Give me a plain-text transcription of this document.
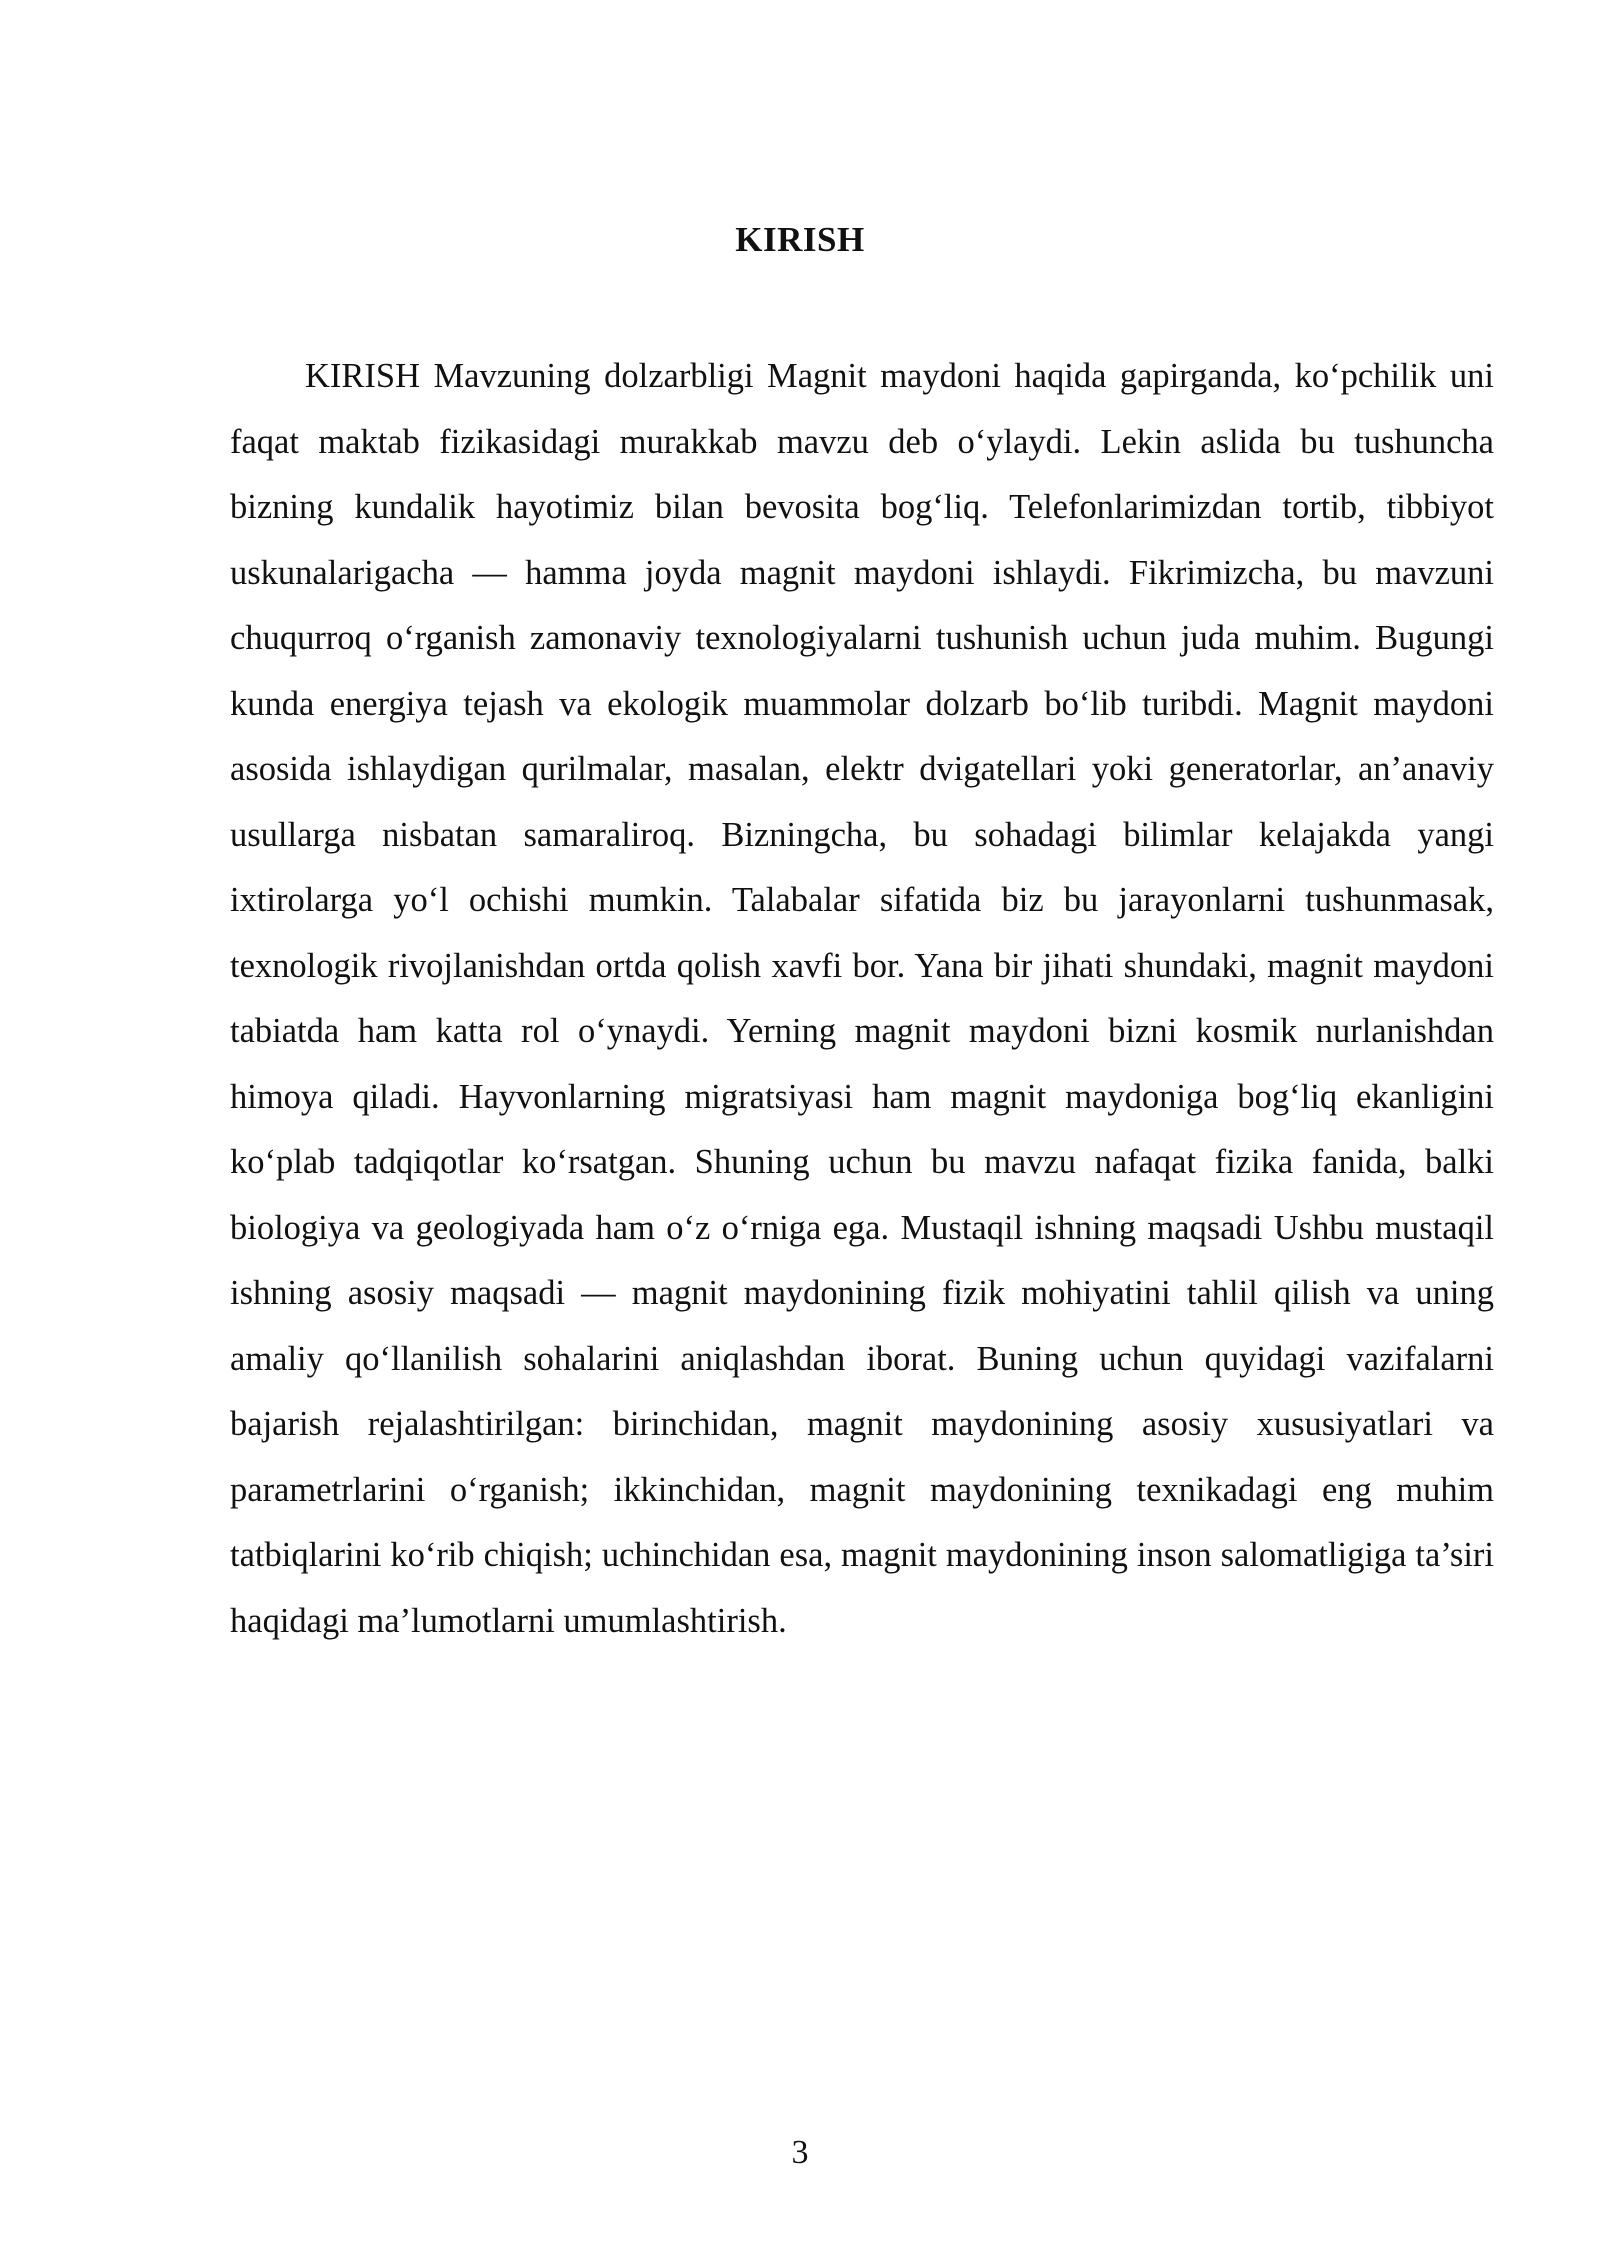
KIRISH

KIRISH Mavzuning dolzarbligi Magnit maydoni haqida gapirganda, koʻpchilik uni faqat maktab fizikasidagi murakkab mavzu deb oʻylaydi. Lekin aslida bu tushuncha bizning kundalik hayotimiz bilan bevosita bogʻliq. Telefonlarimizdan tortib, tibbiyot uskunalarigacha — hamma joyda magnit maydoni ishlaydi. Fikrimizcha, bu mavzuni chuqurroq oʻrganish zamonaviy texnologiyalarni tushunish uchun juda muhim. Bugungi kunda energiya tejash va ekologik muammolar dolzarb boʻlib turibdi. Magnit maydoni asosida ishlaydigan qurilmalar, masalan, elektr dvigatellari yoki generatorlar, an’anaviy usullarga nisbatan samaraliroq. Bizningcha, bu sohadagi bilimlar kelajakda yangi ixtirolarga yoʻl ochishi mumkin. Talabalar sifatida biz bu jarayonlarni tushunmasak, texnologik rivojlanishdan ortda qolish xavfi bor. Yana bir jihati shundaki, magnit maydoni tabiatda ham katta rol oʻynaydi. Yerning magnit maydoni bizni kosmik nurlanishdan himoya qiladi. Hayvonlarning migratsiyasi ham magnit maydoniga bogʻliq ekanligini koʻplab tadqiqotlar koʻrsatgan. Shuning uchun bu mavzu nafaqat fizika fanida, balki biologiya va geologiyada ham oʻz oʻrniga ega. Mustaqil ishning maqsadi Ushbu mustaqil ishning asosiy maqsadi — magnit maydonining fizik mohiyatini tahlil qilish va uning amaliy qoʻllanilish sohalarini aniqlashdan iborat. Buning uchun quyidagi vazifalarni bajarish rejalashtirilgan: birinchidan, magnit maydonining asosiy xususiyatlari va parametrlarini oʻrganish; ikkinchidan, magnit maydonining texnikadagi eng muhim tatbiqlarini koʻrib chiqish; uchinchidan esa, magnit maydonining inson salomatligiga ta’siri haqidagi ma’lumotlarni umumlashtirish.

3
